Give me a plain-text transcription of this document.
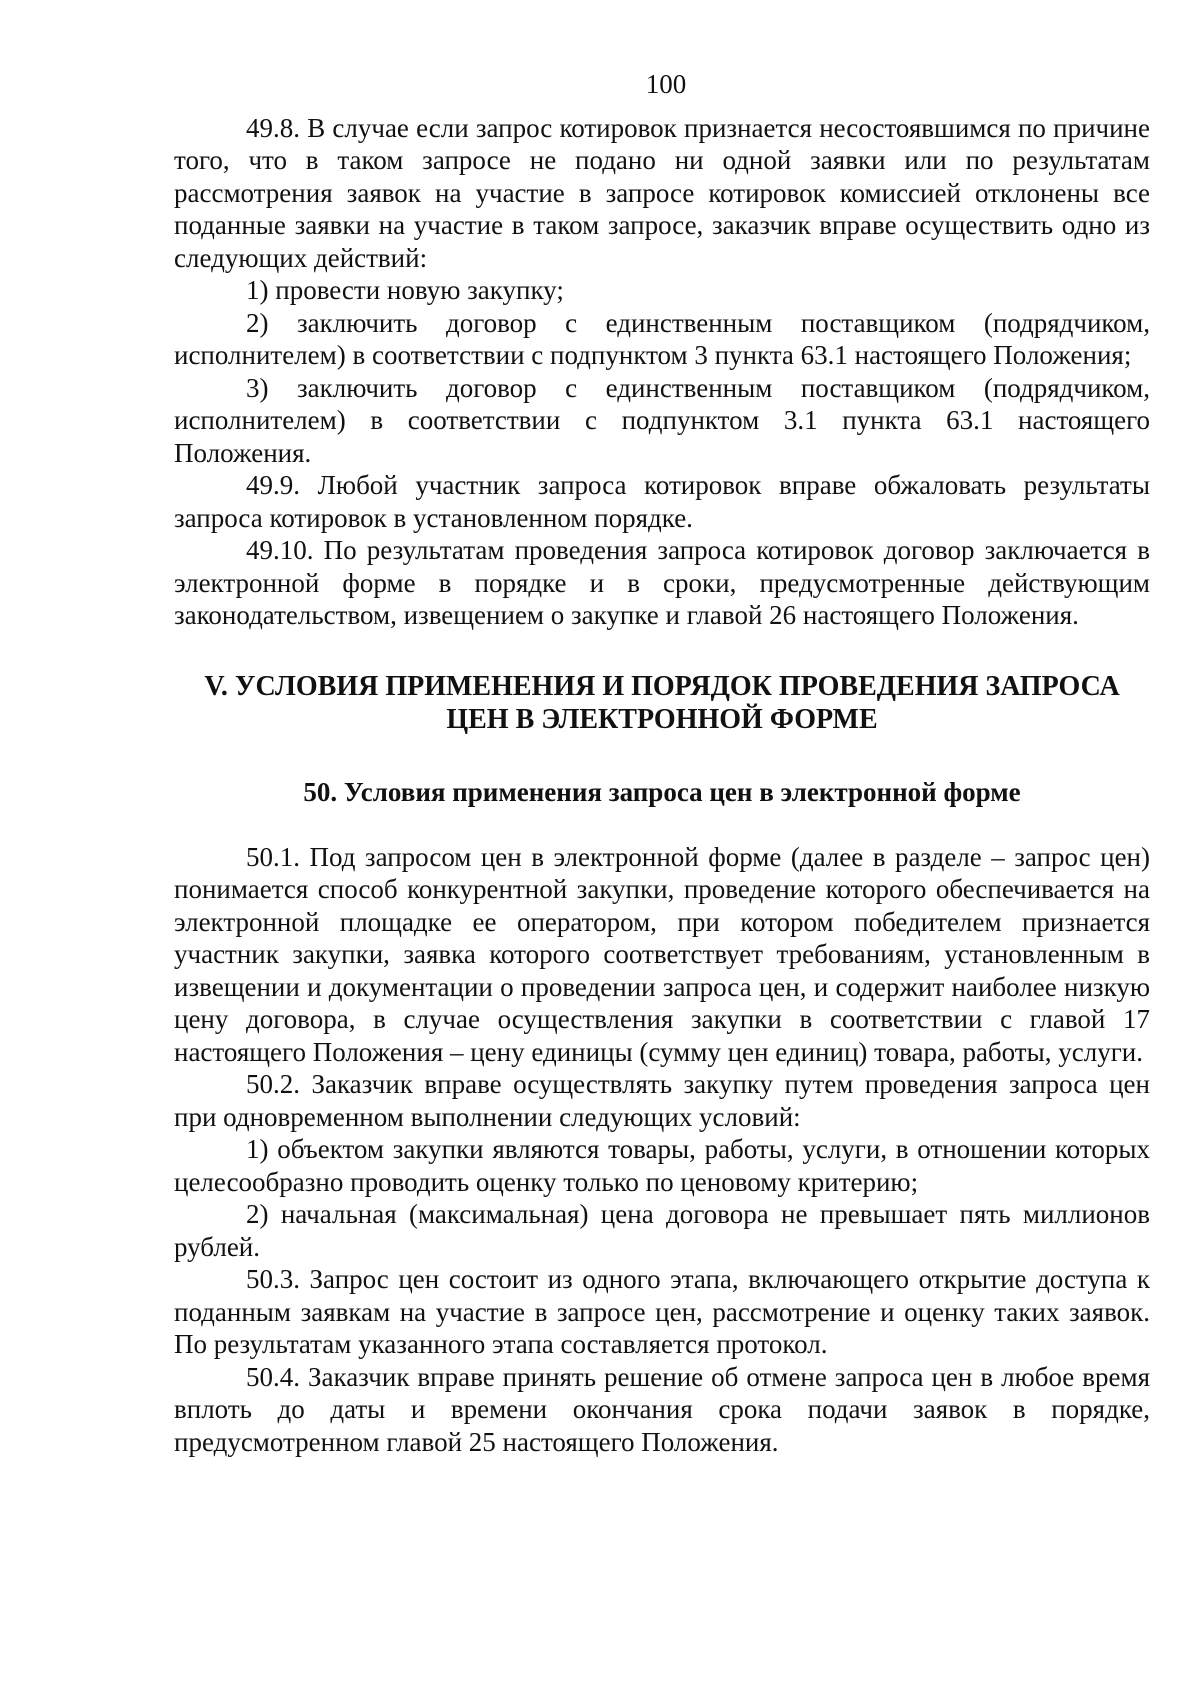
100

49.8. В случае если запрос котировок признается несостоявшимся по причине того, что в таком запросе не подано ни одной заявки или по результатам рассмотрения заявок на участие в запросе котировок комиссией отклонены все поданные заявки на участие в таком запросе, заказчик вправе осуществить одно из следующих действий:

1) провести новую закупку;

2) заключить договор с единственным поставщиком (подрядчиком, исполнителем) в соответствии с подпунктом 3 пункта 63.1 настоящего Положения;

3) заключить договор с единственным поставщиком (подрядчиком, исполнителем) в соответствии с подпунктом 3.1 пункта 63.1 настоящего Положения.

49.9. Любой участник запроса котировок вправе обжаловать результаты запроса котировок в установленном порядке.

49.10. По результатам проведения запроса котировок договор заключается в электронной форме в порядке и в сроки, предусмотренные действующим законодательством, извещением о закупке и главой 26 настоящего Положения.

V. УСЛОВИЯ ПРИМЕНЕНИЯ И ПОРЯДОК ПРОВЕДЕНИЯ ЗАПРОСА
ЦЕН В ЭЛЕКТРОННОЙ ФОРМЕ
50. Условия применения запроса цен в электронной форме

50.1. Под запросом цен в электронной форме (далее в разделе – запрос цен) понимается способ конкурентной закупки, проведение которого обеспечивается на электронной площадке ее оператором, при котором победителем признается участник закупки, заявка которого соответствует требованиям, установленным в извещении и документации о проведении запроса цен, и содержит наиболее низкую цену договора, в случае осуществления закупки в соответствии с главой 17 настоящего Положения – цену единицы (сумму цен единиц) товара, работы, услуги.

50.2. Заказчик вправе осуществлять закупку путем проведения запроса цен при одновременном выполнении следующих условий:

1) объектом закупки являются товары, работы, услуги, в отношении которых целесообразно проводить оценку только по ценовому критерию;

2) начальная (максимальная) цена договора не превышает пять миллионов рублей.

50.3. Запрос цен состоит из одного этапа, включающего открытие доступа к поданным заявкам на участие в запросе цен, рассмотрение и оценку таких заявок. По результатам указанного этапа составляется протокол.

50.4. Заказчик вправе принять решение об отмене запроса цен в любое время вплоть до даты и времени окончания срока подачи заявок в порядке, предусмотренном главой 25 настоящего Положения.
